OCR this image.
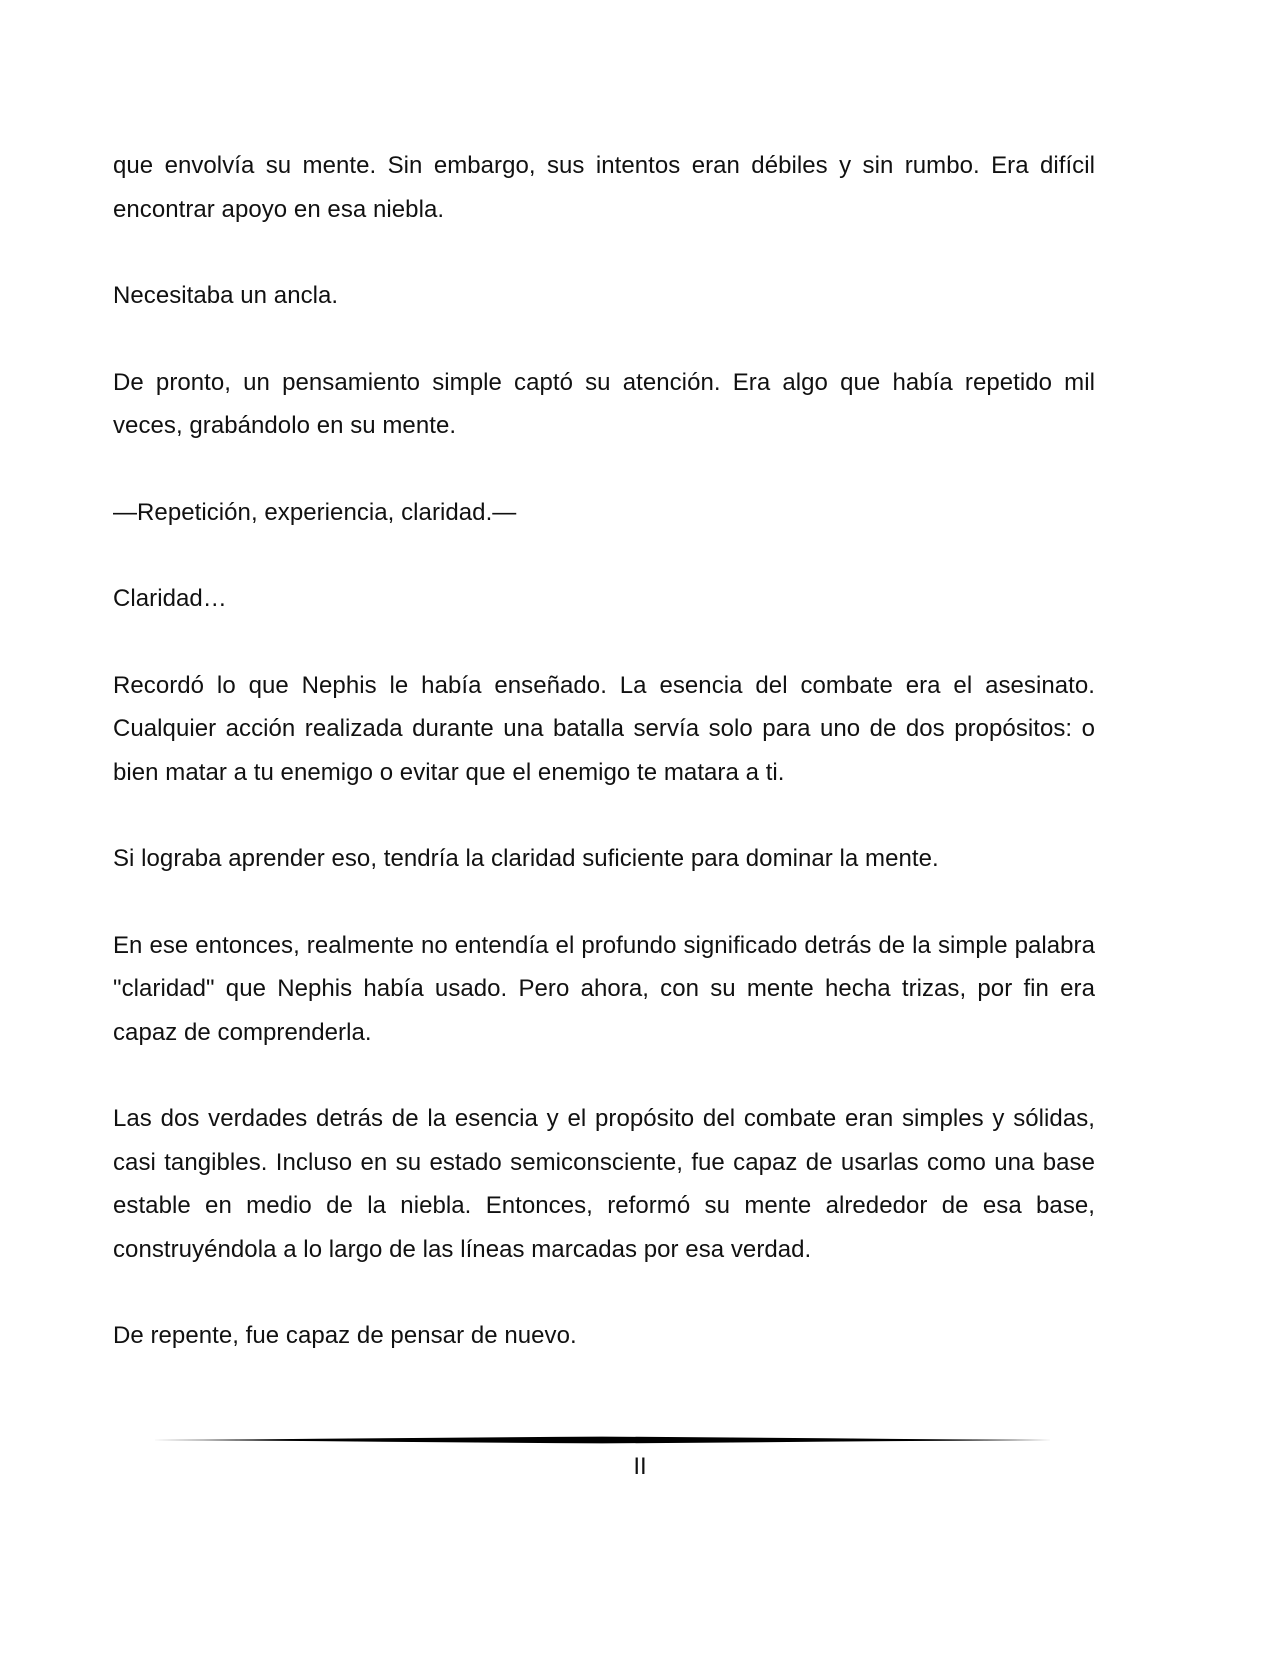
que envolvía su mente. Sin embargo, sus intentos eran débiles y sin rumbo. Era difícil encontrar apoyo en esa niebla.

Necesitaba un ancla.

De pronto, un pensamiento simple captó su atención. Era algo que había repetido mil veces, grabándolo en su mente.

—Repetición, experiencia, claridad.—

Claridad…

Recordó lo que Nephis le había enseñado. La esencia del combate era el asesinato. Cualquier acción realizada durante una batalla servía solo para uno de dos propósitos: o bien matar a tu enemigo o evitar que el enemigo te matara a ti.

Si lograba aprender eso, tendría la claridad suficiente para dominar la mente.

En ese entonces, realmente no entendía el profundo significado detrás de la simple palabra "claridad" que Nephis había usado. Pero ahora, con su mente hecha trizas, por fin era capaz de comprenderla.

Las dos verdades detrás de la esencia y el propósito del combate eran simples y sólidas, casi tangibles. Incluso en su estado semiconsciente, fue capaz de usarlas como una base estable en medio de la niebla. Entonces, reformó su mente alrededor de esa base, construyéndola a lo largo de las líneas marcadas por esa verdad.

De repente, fue capaz de pensar de nuevo.

II
